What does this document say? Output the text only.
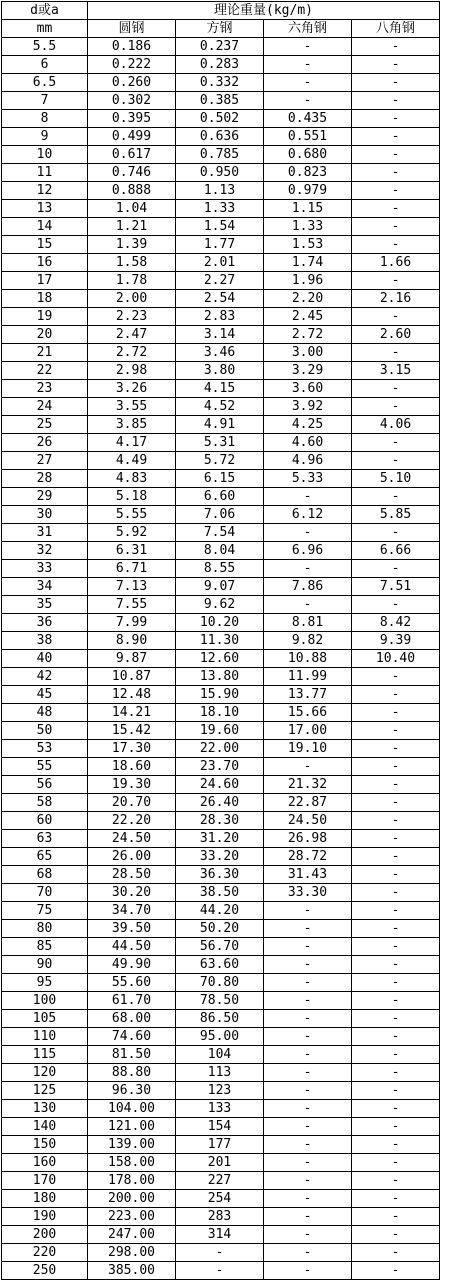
d或a	理论重量(kg/m)			
mm	圆钢	方钢	六角钢	八角钢
5.5	0.186	0.237	-	-
6	0.222	0.283	-	-
6.5	0.260	0.332	-	-
7	0.302	0.385	-	-
8	0.395	0.502	0.435	-
9	0.499	0.636	0.551	-
10	0.617	0.785	0.680	-
11	0.746	0.950	0.823	-
12	0.888	1.13	0.979	-
13	1.04	1.33	1.15	-
14	1.21	1.54	1.33	-
15	1.39	1.77	1.53	-
16	1.58	2.01	1.74	1.66
17	1.78	2.27	1.96	-
18	2.00	2.54	2.20	2.16
19	2.23	2.83	2.45	-
20	2.47	3.14	2.72	2.60
21	2.72	3.46	3.00	-
22	2.98	3.80	3.29	3.15
23	3.26	4.15	3.60	-
24	3.55	4.52	3.92	-
25	3.85	4.91	4.25	4.06
26	4.17	5.31	4.60	-
27	4.49	5.72	4.96	-
28	4.83	6.15	5.33	5.10
29	5.18	6.60	-	-
30	5.55	7.06	6.12	5.85
31	5.92	7.54	-	-
32	6.31	8.04	6.96	6.66
33	6.71	8.55	-	-
34	7.13	9.07	7.86	7.51
35	7.55	9.62	-	-
36	7.99	10.20	8.81	8.42
38	8.90	11.30	9.82	9.39
40	9.87	12.60	10.88	10.40
42	10.87	13.80	11.99	-
45	12.48	15.90	13.77	-
48	14.21	18.10	15.66	-
50	15.42	19.60	17.00	-
53	17.30	22.00	19.10	-
55	18.60	23.70	-	-
56	19.30	24.60	21.32	-
58	20.70	26.40	22.87	-
60	22.20	28.30	24.50	-
63	24.50	31.20	26.98	-
65	26.00	33.20	28.72	-
68	28.50	36.30	31.43	-
70	30.20	38.50	33.30	-
75	34.70	44.20	-	-
80	39.50	50.20	-	-
85	44.50	56.70	-	-
90	49.90	63.60	-	-
95	55.60	70.80	-	-
100	61.70	78.50	-	-
105	68.00	86.50	-	-
110	74.60	95.00	-	-
115	81.50	104	-	-
120	88.80	113	-	-
125	96.30	123	-	-
130	104.00	133	-	-
140	121.00	154	-	-
150	139.00	177	-	-
160	158.00	201	-	-
170	178.00	227	-	-
180	200.00	254	-	-
190	223.00	283	-	-
200	247.00	314	-	-
220	298.00	-	-	-
250	385.00	-	-	-
